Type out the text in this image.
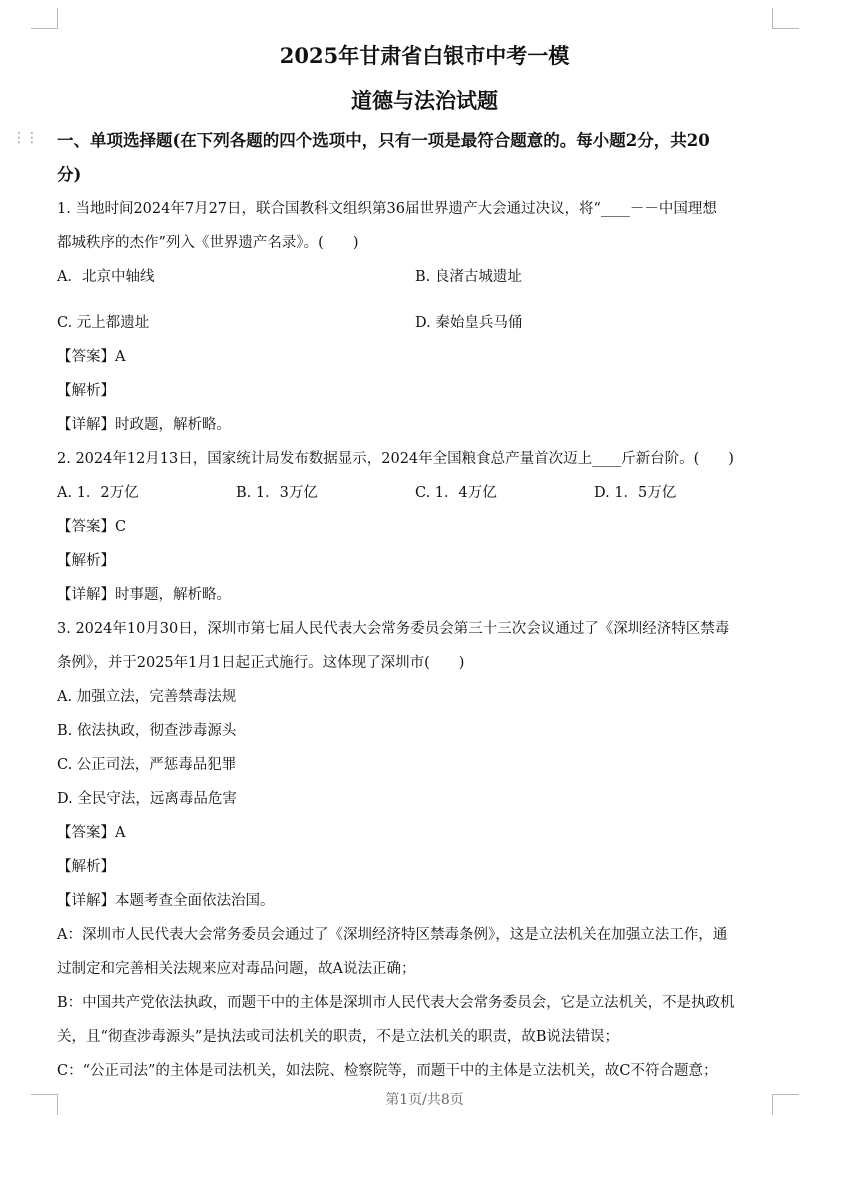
⋮⋮
2025年甘肃省白银市中考一模
道德与法治试题
一、单项选择题(在下列各题的四个选项中，只有一项是最符合题意的。每小题2分，共20
分)
1. 当地时间2024年7月27日，联合国教科文组织第36届世界遗产大会通过决议，将“____－－中国理想
都城秩序的杰作”列入《世界遗产名录》。(　　)
A．北京中轴线	B. 良渚古城遗址
C. 元上都遗址	D. 秦始皇兵马俑
【答案】A
【解析】
【详解】时政题，解析略。
2. 2024年12月13日，国家统计局发布数据显示，2024年全国粮食总产量首次迈上____斤新台阶。(　　)
A. 1．2万亿	B. 1．3万亿	C. 1．4万亿	D. 1．5万亿
【答案】C
【解析】
【详解】时事题，解析略。
3. 2024年10月30日，深圳市第七届人民代表大会常务委员会第三十三次会议通过了《深圳经济特区禁毒
条例》，并于2025年1月1日起正式施行。这体现了深圳市(　　)
A. 加强立法，完善禁毒法规
B. 依法执政，彻查涉毒源头
C. 公正司法，严惩毒品犯罪
D. 全民守法，远离毒品危害
【答案】A
【解析】
【详解】本题考查全面依法治国。
A：深圳市人民代表大会常务委员会通过了《深圳经济特区禁毒条例》，这是立法机关在加强立法工作，通
过制定和完善相关法规来应对毒品问题，故A说法正确；
B：中国共产党依法执政，而题干中的主体是深圳市人民代表大会常务委员会，它是立法机关，不是执政机
关，且“彻查涉毒源头”是执法或司法机关的职责，不是立法机关的职责，故B说法错误；
C：“公正司法”的主体是司法机关，如法院、检察院等，而题干中的主体是立法机关，故C不符合题意；
第1页/共8页
